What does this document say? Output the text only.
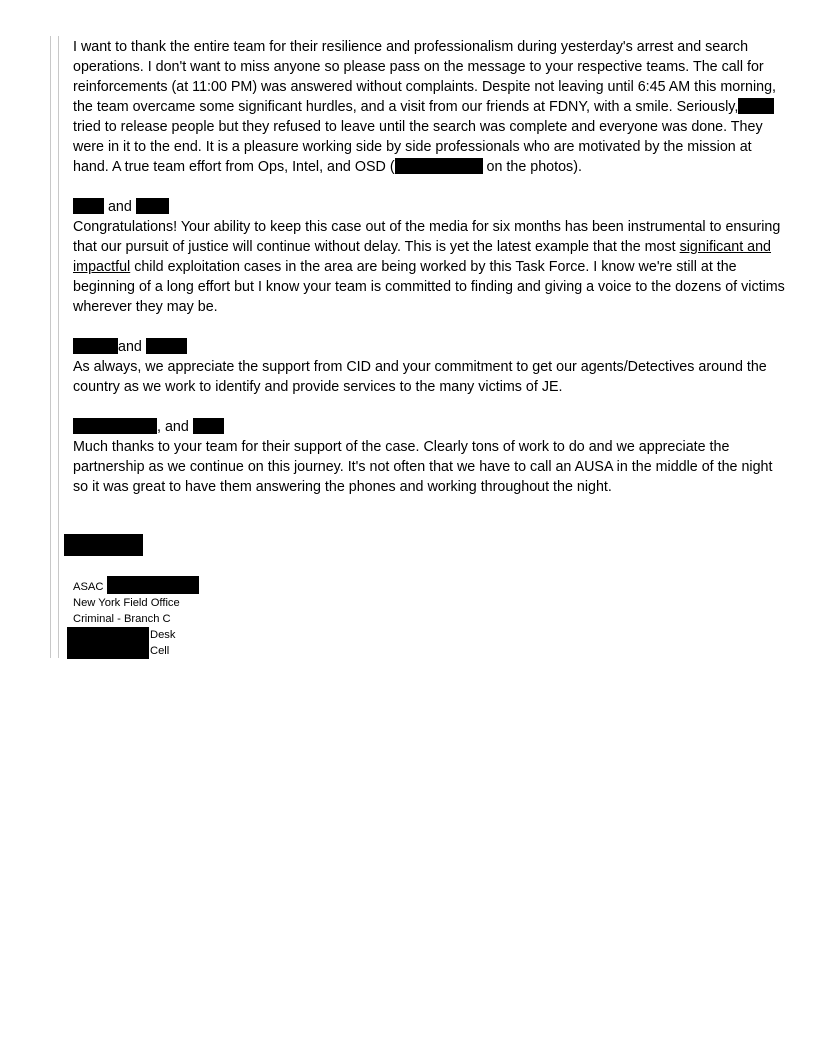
I want to thank the entire team for their resilience and professionalism during yesterday's arrest and search operations. I don't want to miss anyone so please pass on the message to your respective teams. The call for reinforcements (at 11:00 PM) was answered without complaints. Despite not leaving until 6:45 AM this morning, the team overcame some significant hurdles, and a visit from our friends at FDNY, with a smile. Seriously,tried to release people but they refused to leave until the search was complete and everyone was done. They were in it to the end. It is a pleasure working side by side professionals who are motivated by the mission at hand. A true team effort from Ops, Intel, and OSD (	on the photos).

and

Congratulations! Your ability to keep this case out of the media for six months has been instrumental to ensuring that our pursuit of justice will continue without delay. This is yet the latest example that the most significant and impactful child exploitation cases in the area are being worked by this Task Force. I know we're still at the beginning of a long effort but I know your team is committed to finding and giving a voice to the dozens of victims wherever they may be.

and

As always, we appreciate the support from CID and your commitment to get our agents/Detectives around the country as we work to identify and provide services to the many victims of JE.

, and

Much thanks to your team for their support of the case. Clearly tons of work to do and we appreciate the partnership as we continue on this journey. It's not often that we have to call an AUSA in the middle of the night so it was great to have them answering the phones and working throughout the night.

ASAC
New York Field Office
Criminal - Branch C
Desk
Cell
